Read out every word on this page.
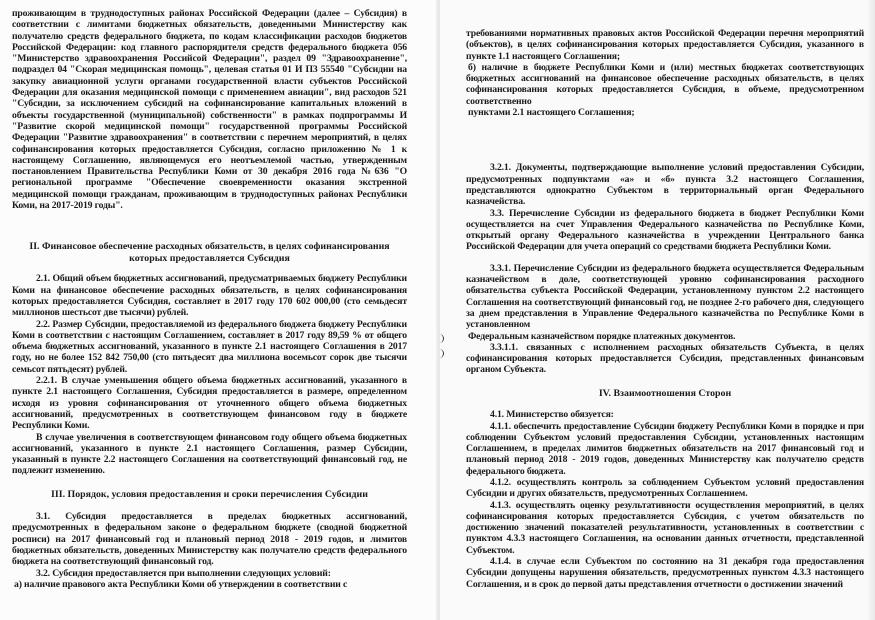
проживающим в труднодоступных районах Российской Федерации (далее – Субсидия) в соответствии с лимитами бюджетных обязательств, доведенными Министерству как получателю средств федерального бюджета, по кодам классификации расходов бюджетов Российской Федерации: код главного распорядителя средств федерального бюджета 056 "Министерство здравоохранения Российсой Федерации", раздел 09 "Здравоохранение", подраздел 04 "Скорая медицинская помощь", целевая статья 01 И П3 55540 "Субсидии на закупку авиационной услуги органами государственной власти субъектов Российской Федерации для оказания медицинской помощи с применением авиации", вид расходов 521 "Субсидии, за исключением субсидий на софинансирование капитальных вложений в объекты государственной (муниципальной) собственности" в рамках подпрограммы И "Развитие скорой медицинской помощи" государственной программы Российской Федерации "Развитие здравоохранения" в соответствии с перечнем мероприятий, в целях софинансирования которых предоставляется Субсидия, согласно приложению № 1 к настоящему Соглашению, являющемуся его неотъемлемой частью, утвержденным постановлением Правительства Республики Коми от 30 декабря 2016 года №636 "О региональной программе "Обеспечение своевременности оказания экстренной медицинской помощи гражданам, проживающим в труднодоступных районах Республики Коми, на 2017-2019 годы".

II. Финансовое обеспечение расходных обязательств, в целях софинансирования

которых предоставляется Субсидия

2.1. Общий объем бюджетных ассигнований, предусматриваемых бюджету Республики Коми на финансовое обеспечение расходных обязательств, в целях софинансирования которых предоставляется Субсидия, составляет в 2017 году 170 602 000,00 (сто семьдесят миллионов шестьсот две тысячи) рублей.

2.2. Размер Субсидии, предоставляемой из федерального бюджета бюджету Республики Коми в соответствии с настоящим Соглашением, составляет в 2017 году 89,59 % от общего объема бюджетных ассигнований, указанного в пункте 2.1 настоящего Соглашения в 2017 году, но не более 152 842 750,00 (сто пятьдесят два миллиона восемьсот сорок две тысячи семьсот пятьдесят) рублей.

2.2.1. В случае уменьшения общего объема бюджетных ассигнований, указанного в пункте 2.1 настоящего Соглашения, Субсидия предоставляется в размере, определенном исходя из уровня софинансирования от уточненного общего объема бюджетных ассигнований, предусмотренных в соответствующем финансовом году в бюджете Республики Коми.

В случае увеличения в соответствующем финансовом году общего объема бюджетных ассигнований, указанного в пункте 2.1 настоящего Соглашения, размер Субсидии, указанный в пункте 2.2 настоящего Соглашения на соответствующий финансовый год, не подлежит изменению.

III. Порядок, условия предоставления и сроки перечисления Субсидии

3.1. Субсидия предоставляется в пределах бюджетных ассигнований, предусмотренных в федеральном законе о федеральном бюджете (сводной бюджетной росписи) на 2017 финансовый год и плановый период 2018 - 2019 годов, и лимитов бюджетных обязательств, доведенных Министерству как получателю средств федерального бюджета на соответствующий финансовый год.

3.2. Субсидия предоставляется при выполнении следующих условий:

а) наличие правового акта Республики Коми об утверждении в соответствии с

требованиями нормативных правовых актов Российской Федерации перечня мероприятий (объектов), в целях софинансирования которых предоставляется Субсидия, указанного в пункте 1.1 настоящего Соглашения;

б) наличие в бюджете Республики Коми и (или) местных бюджетах соответствующих бюджетных ассигнований на финансовое обеспечение расходных обязательств, в целях софинансирования которых предоставляется Субсидия, в объеме, предусмотренном соответственно

пунктами 2.1 настоящего Соглашения;

3.2.1. Документы, подтверждающие выполнение условий предоставления Субсидии, предусмотренных подпунктами «а» и «б» пункта 3.2 настоящего Соглашения, представляются однократно Субъектом в территориальный орган Федерального казначейства.

3.3. Перечисление Субсидии из федерального бюджета в бюджет Республики Коми осуществляется на счет Управления Федерального казначейства по Республике Коми, открытый органу Федерального казначейства в учреждении Центрального банка Российской Федерации для учета операций со средствами бюджета Республики Коми.

3.3.1. Перечисление Субсидии из федерального бюджета осуществляется Федеральным казначейством в доле, соответствующей уровню софинансирования расходного обязательства субъекта Российской Федерации, установленному пунктом 2.2 настоящего Соглашения на соответствующий финансовый год, не позднее 2-го рабочего дня, следующего за днем представления в Управление Федерального казначейства по Республике Коми в установленном

Федеральным казначейством порядке платежных документов.

3.3.1.1. связанных с исполнением расходных обязательств Субъекта, в целях софинансирования которых предоставляется Субсидия, представленных финансовым органом Субъекта.

IV. Взаимоотношения Сторон

4.1. Министерство обязуется:

4.1.1. обеспечить предоставление Субсидии бюджету Республики Коми в порядке и при соблюдении Субъектом условий предоставления Субсидии, установленных настоящим Соглашением, в пределах лимитов бюджетных обязательств на 2017 финансовый год и плановый период 2018 - 2019 годов, доведенных Министерству как получателю средств федерального бюджета.

4.1.2. осуществлять контроль за соблюдением Субъектом условий предоставления Субсидии и других обязательств, предусмотренных Соглашением.

4.1.3. осуществлять оценку результативности осуществления мероприятий, в целях софинансирования которых предоставляется Субсидия, с учетом обязательств по достижению значений показателей результативности, установленных в соответствии с пунктом 4.3.3 настоящего Соглашения, на основании данных отчетности, представленной Субъектом.

4.1.4. в случае если Субъектом по состоянию на 31 декабря года предоставления Субсидии допущены нарушения обязательств, предусмотренных пунктом 4.3.3 настоящего Соглашения, и в срок до первой даты представления отчетности о достижении значений
